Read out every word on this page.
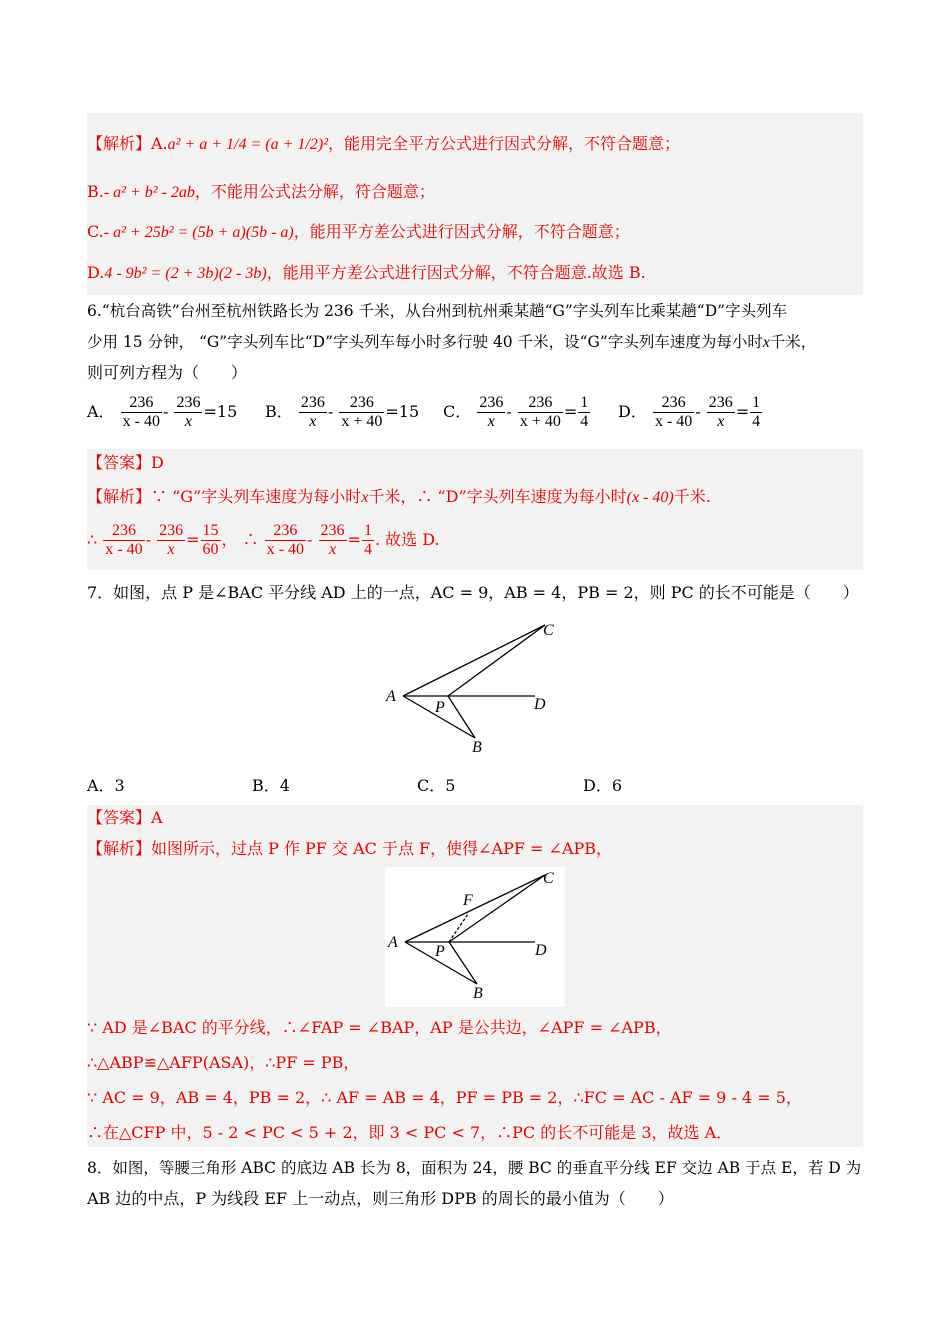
【解析】A.a² + a + 1/4 = (a + 1/2)²，能用完全平方公式进行因式分解，不符合题意；
B.- a² + b² - 2ab，不能用公式法分解，符合题意；
C.- a² + 25b² = (5b + a)(5b - a)，能用平方差公式进行因式分解，不符合题意；
D.4 - 9b² = (2 + 3b)(2 - 3b)，能用平方差公式进行因式分解，不符合题意.故选 B.
6.“杭台高铁”台州至杭州铁路长为 236 千米，从台州到杭州乘某趟“G”字头列车比乘某趟“D”字头列车
少用 15 分钟， “G”字头列车比“D”字头列车每小时多行驶 40 千米，设“G”字头列车速度为每小时x千米，
则可列方程为（　　）
A． $\frac{236}{x - 40} - \frac{236}{x} =15$ B． $\frac{236}{x} - \frac{236}{x + 40} =15$ C． $\frac{236}{x} - \frac{236}{x + 40} = \frac{1}{4}$ D． $\frac{236}{x - 40} - \frac{236}{x} = \frac{1}{4}$
【答案】D
【解析】∵ “G”字头列车速度为每小时x千米，∴ “D”字头列车速度为每小时(x - 40)千米.
∴ $\frac{236}{x - 40} - \frac{236}{x} = \frac{15}{60}$ ， ∴ $\frac{236}{x - 40} - \frac{236}{x} = \frac{1}{4}$ . 故选 D.
7．如图，点 P 是∠BAC 平分线 AD 上的一点，AC = 9，AB = 4，PB = 2，则 PC 的长不可能是（　　）
A
C
D
P
B
A．3	B．4	C．5	D．6
【答案】A
【解析】如图所示，过点 P 作 PF 交 AC 于点 F，使得∠APF = ∠APB，
A
F
C
D
P
B
∵ AD 是∠BAC 的平分线，∴∠FAP = ∠BAP，AP 是公共边，∠APF = ∠APB，
∴△ABP≌△AFP(ASA)，∴PF = PB，
∵ AC = 9，AB = 4，PB = 2，∴ AF = AB = 4，PF = PB = 2，∴FC = AC - AF = 9 - 4 = 5，
∴在△CFP 中，5 - 2 < PC < 5 + 2，即 3 < PC < 7，∴PC 的长不可能是 3，故选 A．
8．如图，等腰三角形 ABC 的底边 AB 长为 8，面积为 24，腰 BC 的垂直平分线 EF 交边 AB 于点 E，若 D 为
AB 边的中点，P 为线段 EF 上一动点，则三角形 DPB 的周长的最小值为（　　）
